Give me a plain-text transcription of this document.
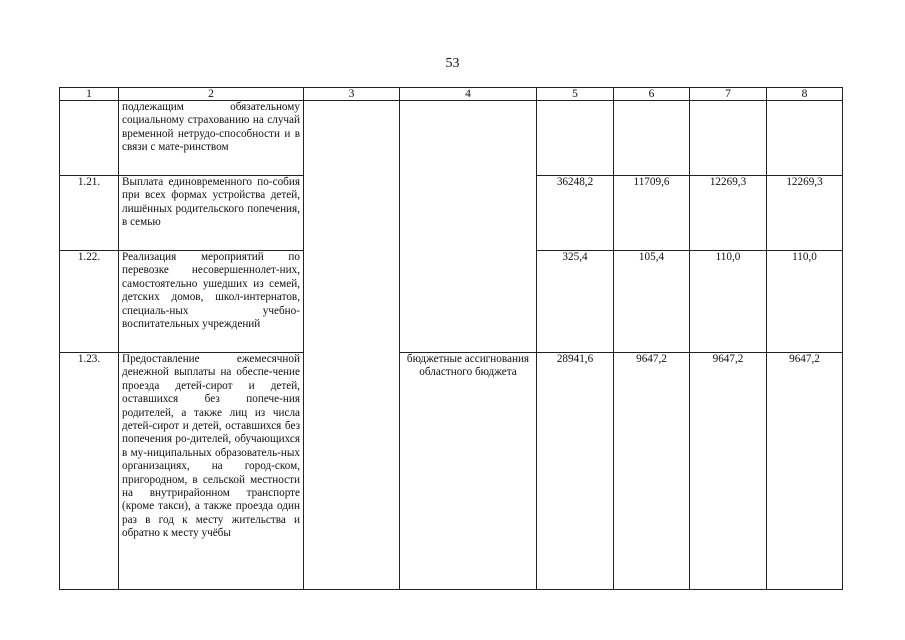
53
1	2	3	4	5	6	7	8
	подлежащим обязательному социальному страхованию на случай временной нетрудо-способности и в связи с мате-ринством						
1.21.	Выплата единовременного по-собия при всех формах устройства детей, лишённых родительского попечения, в семью			36248,2	11709,6	12269,3	12269,3
1.22.	Реализация мероприятий по перевозке несовершеннолет-них, самостоятельно ушедших из семей, детских домов, школ-интернатов, специаль-ных учебно-воспитательных учреждений			325,4	105,4	110,0	110,0
1.23.	Предоставление ежемесячной денежной выплаты на обеспе-чение проезда детей-сирот и детей, оставшихся без попече-ния родителей, а также лиц из числа детей-сирот и детей, оставшихся без попечения ро-дителей, обучающихся в му-ниципальных образователь-ных организациях, на город-ском, пригородном, в сельской местности на внутрирайонном транспорте (кроме такси), а также проезда один раз в год к месту жительства и обратно к месту учёбы		бюджетные ассигнования областного бюджета	28941,6	9647,2	9647,2	9647,2
